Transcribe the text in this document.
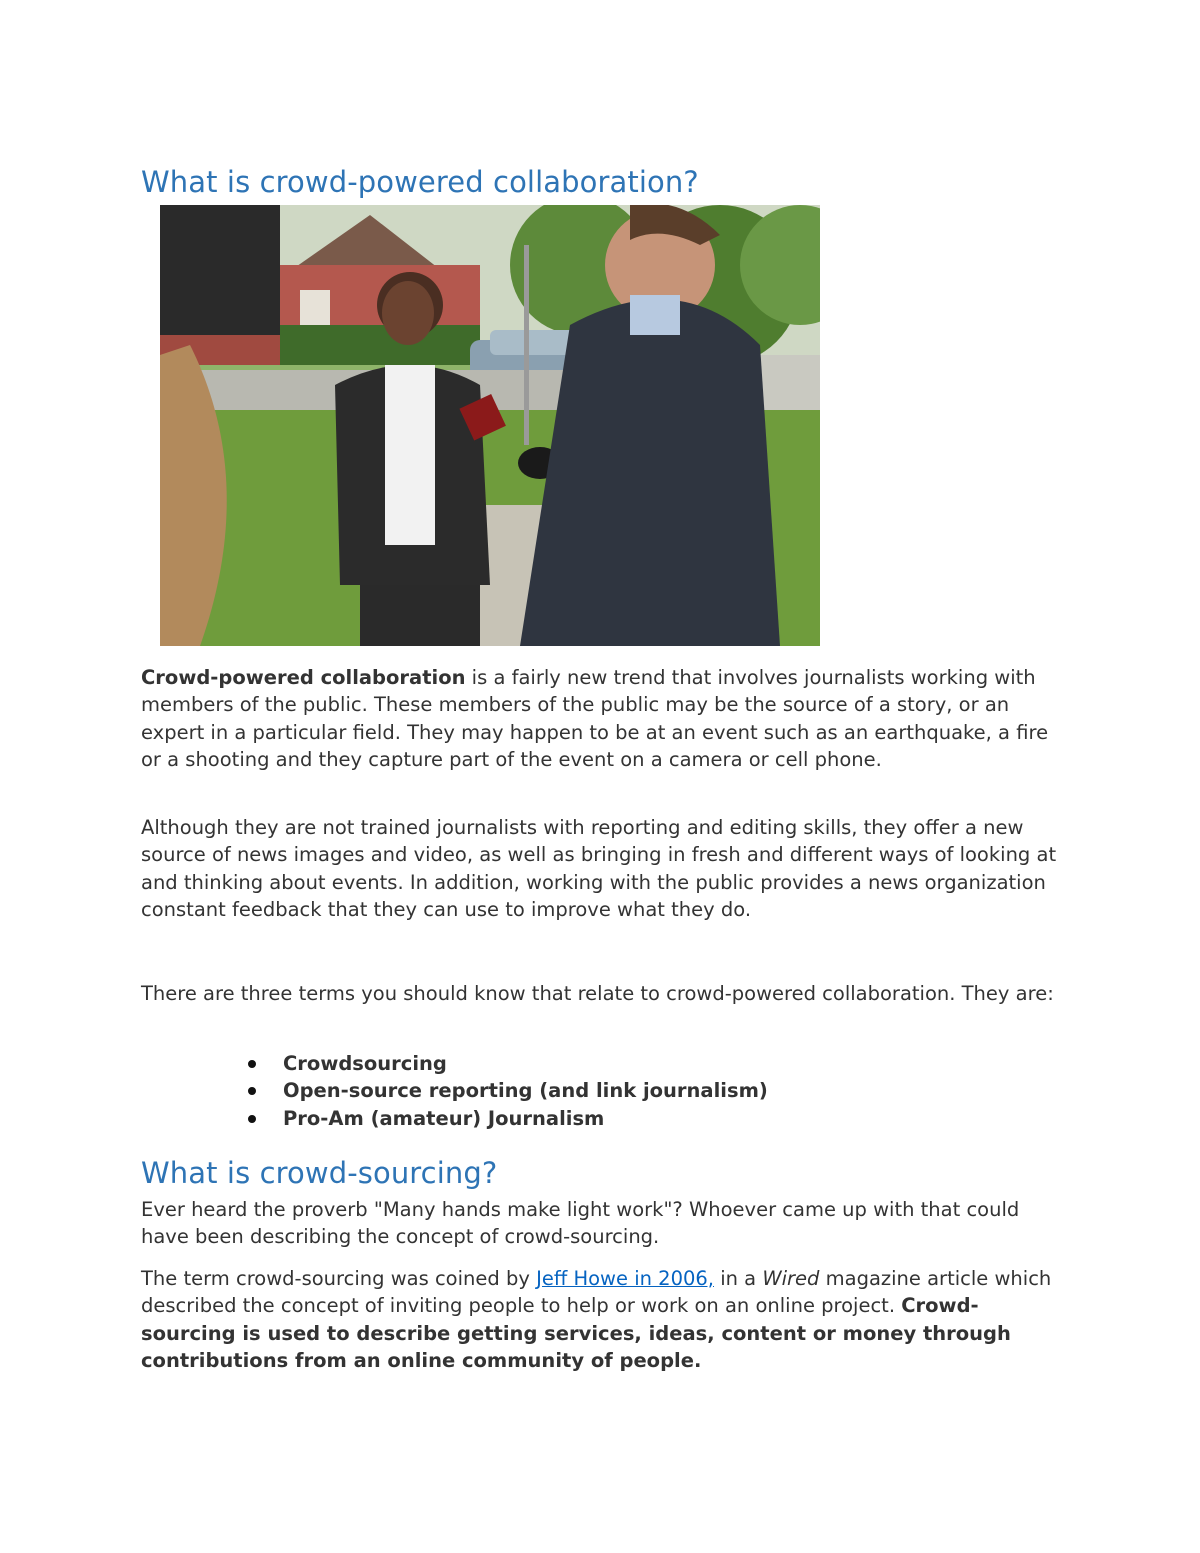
What is crowd-powered collaboration?

Crowd-powered collaboration is a fairly new trend that involves journalists working with members of the public. These members of the public may be the source of a story, or an expert in a particular field. They may happen to be at an event such as an earthquake, a fire or a shooting and they capture part of the event on a camera or cell phone.

Although they are not trained journalists with reporting and editing skills, they offer a new source of news images and video, as well as bringing in fresh and different ways of looking at and thinking about events. In addition, working with the public provides a news organization constant feedback that they can use to improve what they do.

There are three terms you should know that relate to crowd-powered collaboration. They are:

Crowdsourcing
Open-source reporting (and link journalism)
Pro-Am (amateur) Journalism
What is crowd-sourcing?

Ever heard the proverb "Many hands make light work"? Whoever came up with that could have been describing the concept of crowd-sourcing.

The term crowd-sourcing was coined by Jeff Howe in 2006, in a Wired magazine article which described the concept of inviting people to help or work on an online project. Crowd-sourcing is used to describe getting services, ideas, content or money through contributions from an online community of people.
